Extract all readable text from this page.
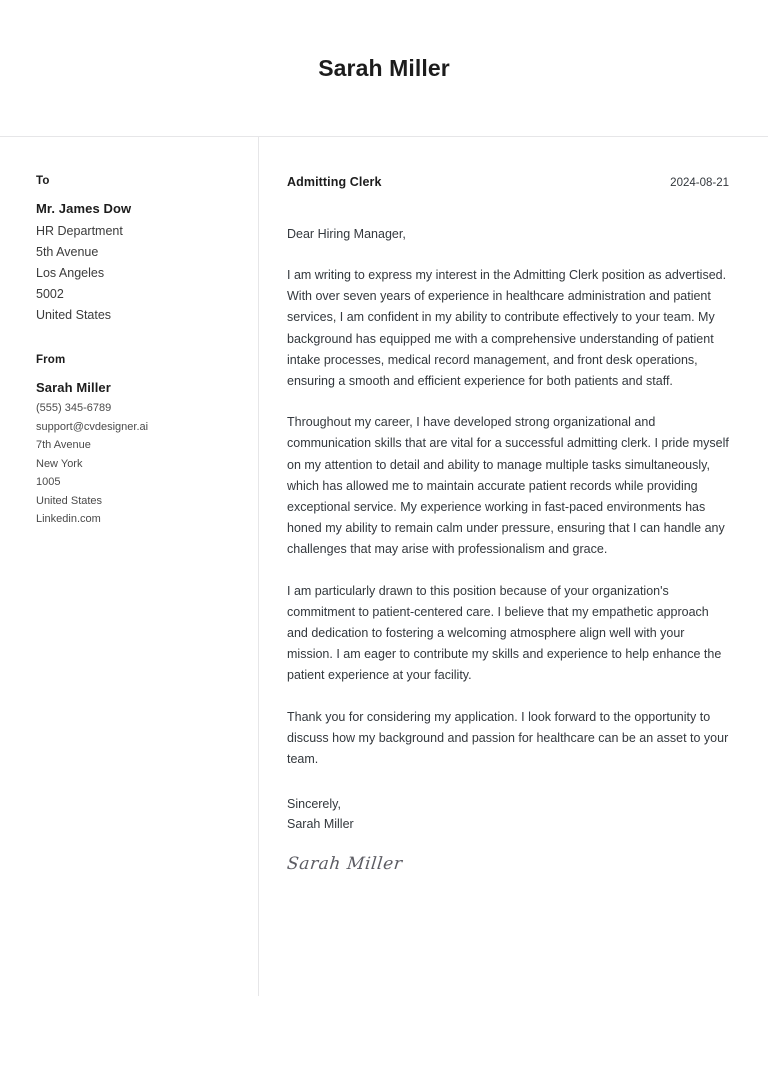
Sarah Miller
To
Mr. James Dow
HR Department
5th Avenue
Los Angeles
5002
United States
From
Sarah Miller
(555) 345-6789
support@cvdesigner.ai
7th Avenue
New York
1005
United States
Linkedin.com
Admitting Clerk	2024-08-21
Dear Hiring Manager,

I am writing to express my interest in the Admitting Clerk position as advertised. With over seven years of experience in healthcare administration and patient services, I am confident in my ability to contribute effectively to your team. My background has equipped me with a comprehensive understanding of patient intake processes, medical record management, and front desk operations, ensuring a smooth and efficient experience for both patients and staff.

Throughout my career, I have developed strong organizational and communication skills that are vital for a successful admitting clerk. I pride myself on my attention to detail and ability to manage multiple tasks simultaneously, which has allowed me to maintain accurate patient records while providing exceptional service. My experience working in fast-paced environments has honed my ability to remain calm under pressure, ensuring that I can handle any challenges that may arise with professionalism and grace.

I am particularly drawn to this position because of your organization's commitment to patient-centered care. I believe that my empathetic approach and dedication to fostering a welcoming atmosphere align well with your mission. I am eager to contribute my skills and experience to help enhance the patient experience at your facility.

Thank you for considering my application. I look forward to the opportunity to discuss how my background and passion for healthcare can be an asset to your team.

Sincerely,
Sarah Miller
Sarah Miller
